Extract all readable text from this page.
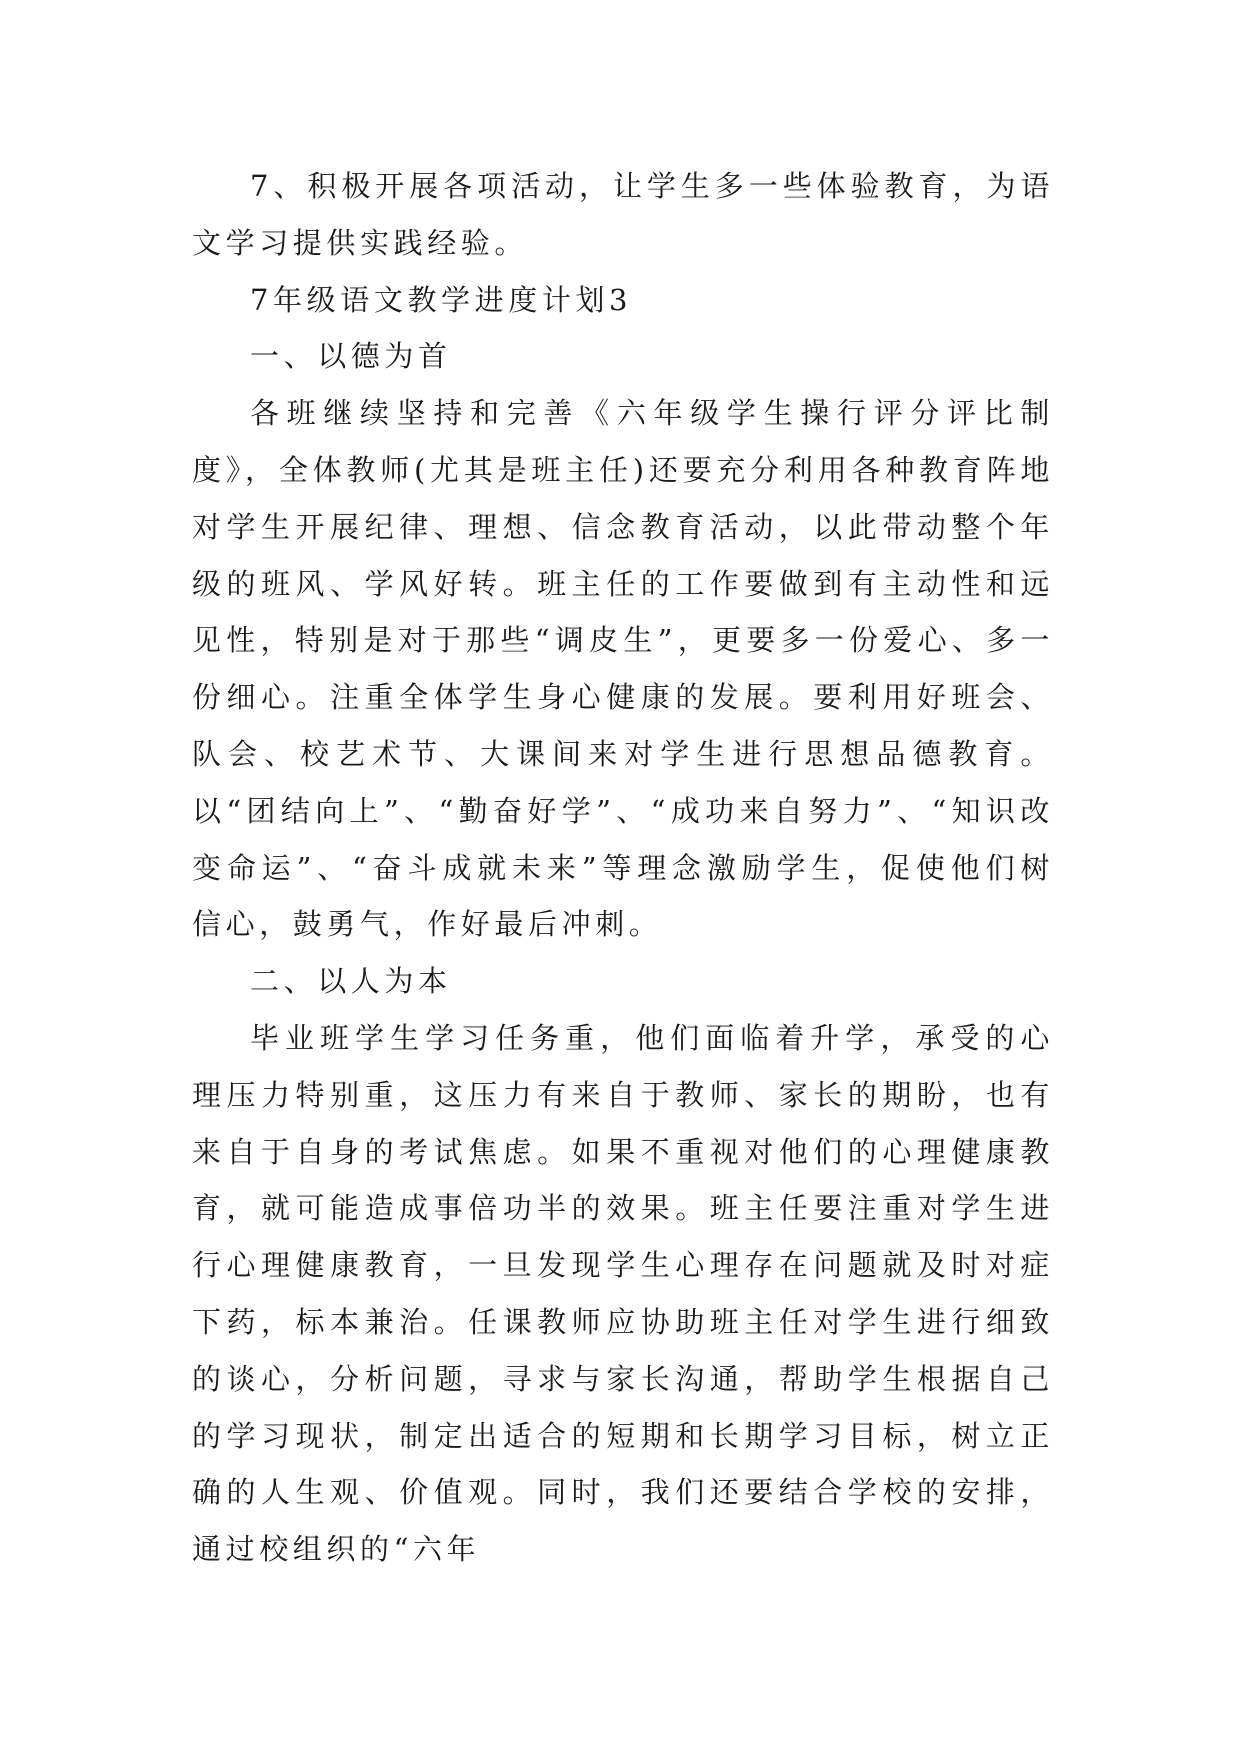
7、积极开展各项活动，让学生多一些体验教育，为语文学习提供实践经验。

7年级语文教学进度计划3

一、以德为首

各班继续坚持和完善《六年级学生操行评分评比制度》，全体教师(尤其是班主任)还要充分利用各种教育阵地对学生开展纪律、理想、信念教育活动，以此带动整个年级的班风、学风好转。班主任的工作要做到有主动性和远见性，特别是对于那些“调皮生”，更要多一份爱心、多一份细心。注重全体学生身心健康的发展。要利用好班会、队会、校艺术节、大课间来对学生进行思想品德教育。以“团结向上”、“勤奋好学”、“成功来自努力”、“知识改变命运”、“奋斗成就未来”等理念激励学生，促使他们树信心，鼓勇气，作好最后冲刺。

二、以人为本

毕业班学生学习任务重，他们面临着升学，承受的心理压力特别重，这压力有来自于教师、家长的期盼，也有来自于自身的考试焦虑。如果不重视对他们的心理健康教育，就可能造成事倍功半的效果。班主任要注重对学生进行心理健康教育，一旦发现学生心理存在问题就及时对症下药，标本兼治。任课教师应协助班主任对学生进行细致的谈心，分析问题，寻求与家长沟通，帮助学生根据自己的学习现状，制定出适合的短期和长期学习目标，树立正确的人生观、价值观。同时，我们还要结合学校的安排，通过校组织的“六年
